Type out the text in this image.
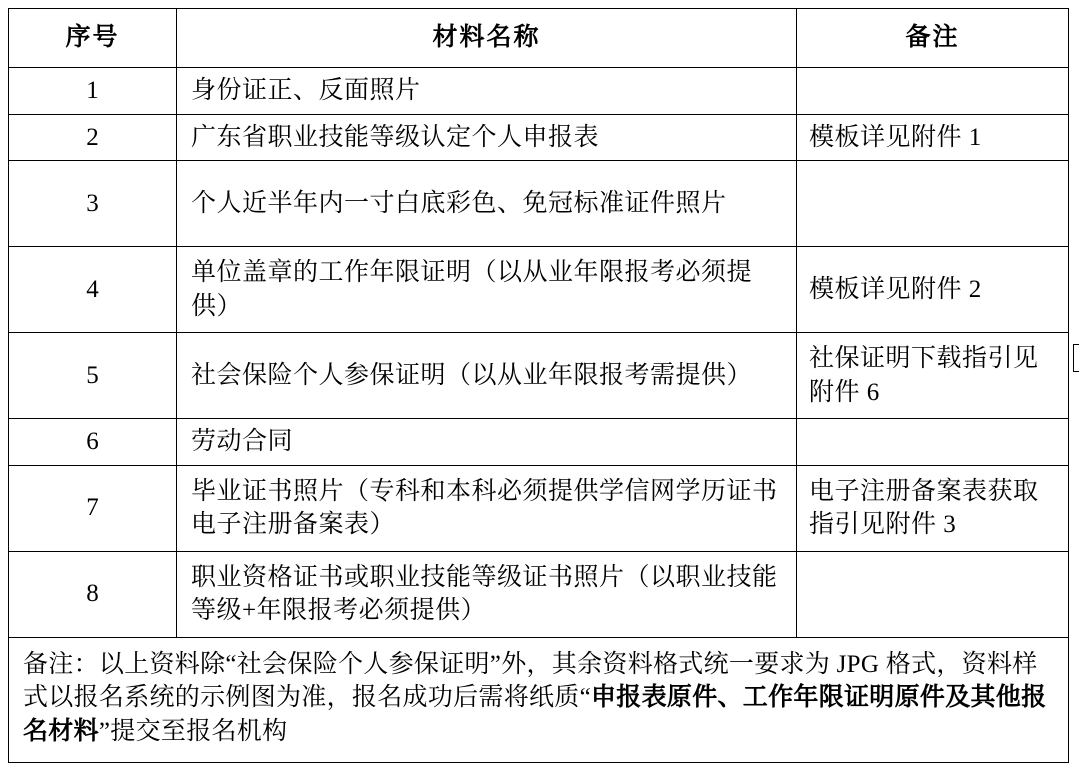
序号	材料名称	备注
1	身份证正、反面照片	
2	广东省职业技能等级认定个人申报表	模板详见附件 1
3	个人近半年内一寸白底彩色、免冠标准证件照片	
4	单位盖章的工作年限证明（以从业年限报考必须提供）	模板详见附件 2
5	社会保险个人参保证明（以从业年限报考需提供）	社保证明下载指引见附件 6
6	劳动合同	
7	毕业证书照片（专科和本科必须提供学信网学历证书电子注册备案表）	电子注册备案表获取指引见附件 3
8	职业资格证书或职业技能等级证书照片（以职业技能等级+年限报考必须提供）	
备注：以上资料除“社会保险个人参保证明”外，其余资料格式统一要求为 JPG 格式，资料样式以报名系统的示例图为准，报名成功后需将纸质“申报表原件、工作年限证明原件及其他报名材料”提交至报名机构		
